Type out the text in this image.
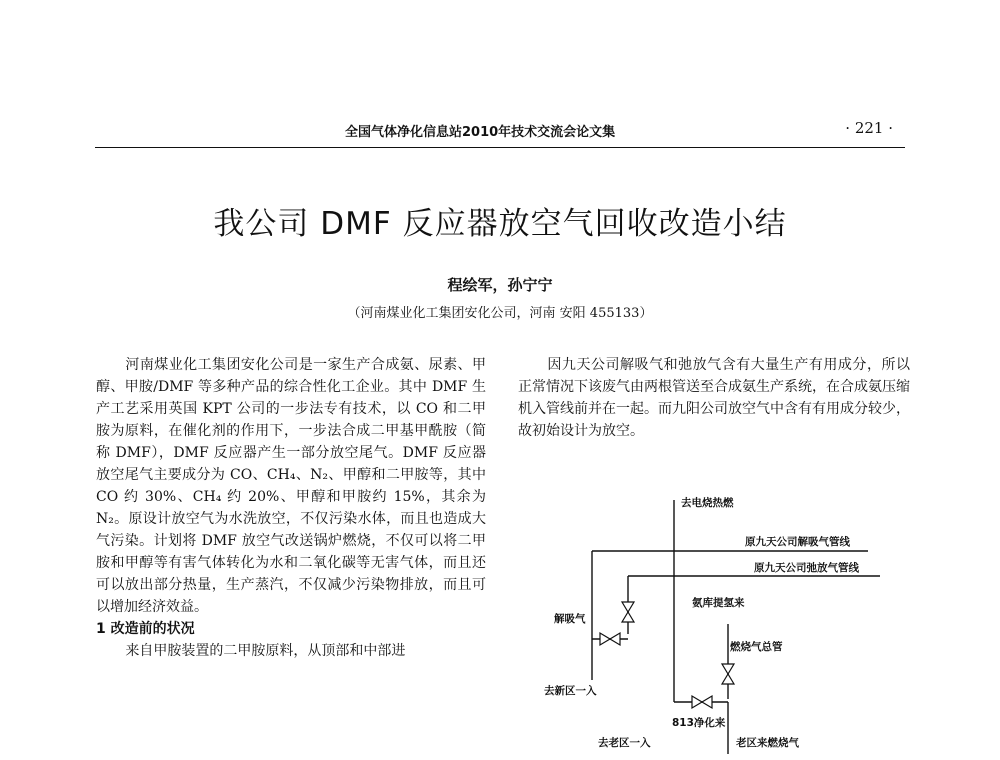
全国气体净化信息站2010年技术交流会论文集	· 221 ·
我公司 DMF 反应器放空气回收改造小结
程绘军，孙宁宁
（河南煤业化工集团安化公司，河南 安阳 455133）

河南煤业化工集团安化公司是一家生产合成氨、尿素、甲醇、甲胺/DMF 等多种产品的综合性化工企业。其中 DMF 生产工艺采用英国 KPT 公司的一步法专有技术，以 CO 和二甲胺为原料，在催化剂的作用下，一步法合成二甲基甲酰胺（简称 DMF），DMF 反应器产生一部分放空尾气。DMF 反应器放空尾气主要成分为 CO、CH₄、N₂、甲醇和二甲胺等，其中 CO 约 30%、CH₄ 约 20%、甲醇和甲胺约 15%，其余为 N₂。原设计放空气为水洗放空，不仅污染水体，而且也造成大气污染。计划将 DMF 放空气改送锅炉燃烧，不仅可以将二甲胺和甲醇等有害气体转化为水和二氧化碳等无害气体，而且还可以放出部分热量，生产蒸汽，不仅减少污染物排放，而且可以增加经济效益。

1 改造前的状况

来自甲胺装置的二甲胺原料，从顶部和中部进

因九天公司解吸气和弛放气含有大量生产有用成分，所以正常情况下该废气由两根管送至合成氨生产系统，在合成氨压缩机入管线前并在一起。而九阳公司放空气中含有有用成分较少，故初始设计为放空。

去电烧热燃
原九天公司解吸气管线
原九天公司弛放气管线
氨库提氢来
解吸气
燃烧气总管
去新区一入
813净化来
去老区一入	老区来燃烧气
